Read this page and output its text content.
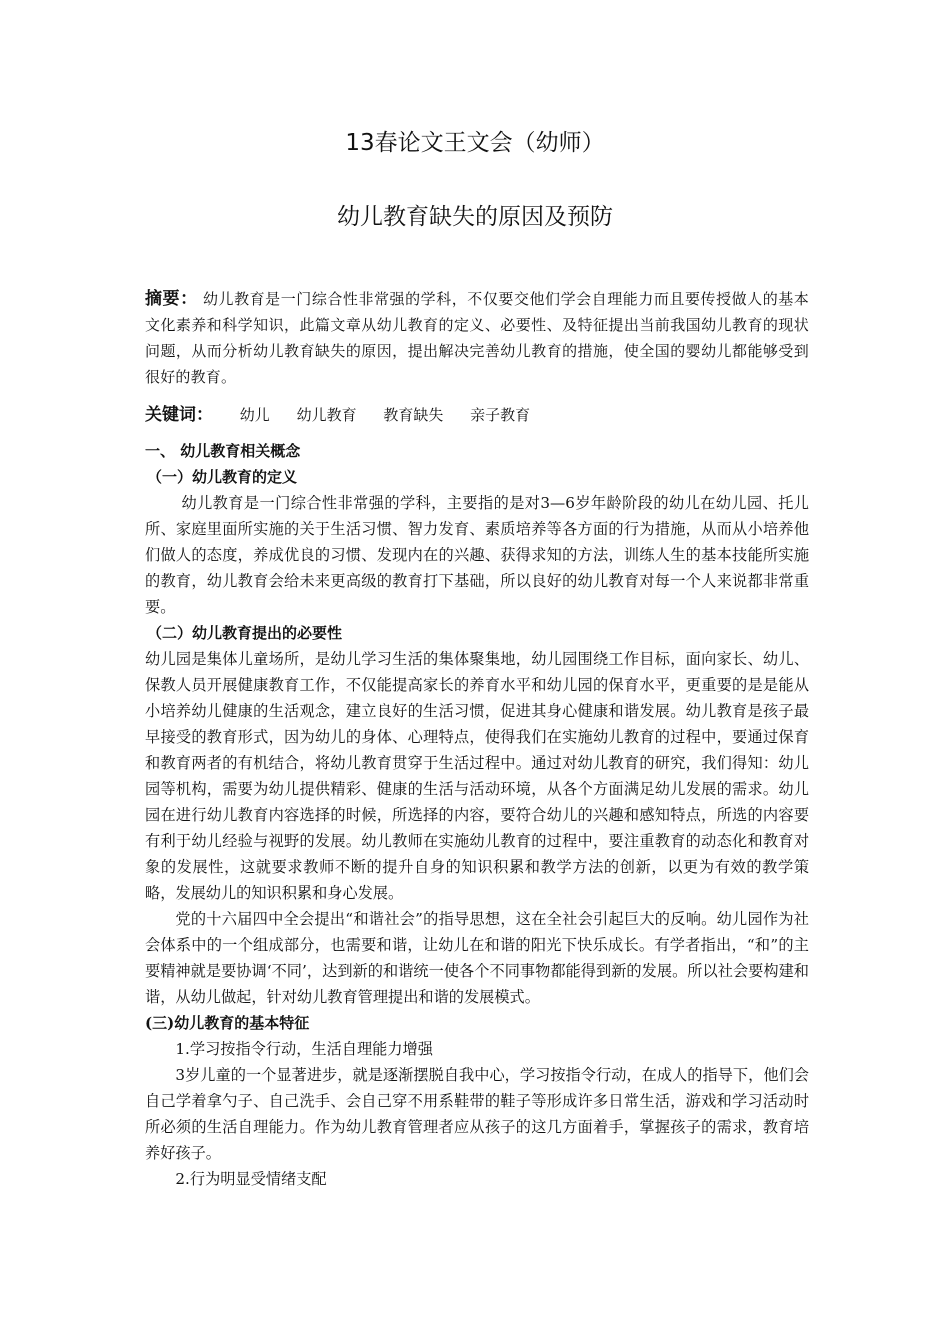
13春论文王文会（幼师）
幼儿教育缺失的原因及预防
摘要： 幼儿教育是一门综合性非常强的学科，不仅要交他们学会自理能力而且要传授做人的基本文化素养和科学知识，此篇文章从幼儿教育的定义、必要性、及特征提出当前我国幼儿教育的现状问题，从而分析幼儿教育缺失的原因，提出解决完善幼儿教育的措施，使全国的婴幼儿都能够受到很好的教育。
关键词： 幼儿 幼儿教育 教育缺失 亲子教育

一、 幼儿教育相关概念

（一）幼儿教育的定义

幼儿教育是一门综合性非常强的学科，主要指的是对3—6岁年龄阶段的幼儿在幼儿园、托儿所、家庭里面所实施的关于生活习惯、智力发育、素质培养等各方面的行为措施，从而从小培养他们做人的态度，养成优良的习惯、发现内在的兴趣、获得求知的方法，训练人生的基本技能所实施的教育，幼儿教育会给未来更高级的教育打下基础，所以良好的幼儿教育对每一个人来说都非常重要。

（二）幼儿教育提出的必要性

幼儿园是集体儿童场所，是幼儿学习生活的集体聚集地，幼儿园围绕工作目标，面向家长、幼儿、保教人员开展健康教育工作，不仅能提高家长的养育水平和幼儿园的保育水平，更重要的是是能从小培养幼儿健康的生活观念，建立良好的生活习惯，促进其身心健康和谐发展。幼儿教育是孩子最早接受的教育形式，因为幼儿的身体、心理特点，使得我们在实施幼儿教育的过程中，要通过保育和教育两者的有机结合，将幼儿教育贯穿于生活过程中。通过对幼儿教育的研究，我们得知：幼儿园等机构，需要为幼儿提供精彩、健康的生活与活动环境，从各个方面满足幼儿发展的需求。幼儿园在进行幼儿教育内容选择的时候，所选择的内容，要符合幼儿的兴趣和感知特点，所选的内容要有利于幼儿经验与视野的发展。幼儿教师在实施幼儿教育的过程中，要注重教育的动态化和教育对象的发展性，这就要求教师不断的提升自身的知识积累和教学方法的创新，以更为有效的教学策略，发展幼儿的知识积累和身心发展。

党的十六届四中全会提出“和谐社会”的指导思想，这在全社会引起巨大的反响。幼儿园作为社会体系中的一个组成部分，也需要和谐，让幼儿在和谐的阳光下快乐成长。有学者指出，“和”的主要精神就是要协调‘不同’，达到新的和谐统一使各个不同事物都能得到新的发展。所以社会要构建和谐，从幼儿做起，针对幼儿教育管理提出和谐的发展模式。

(三)幼儿教育的基本特征

1.学习按指令行动，生活自理能力增强

3岁儿童的一个显著进步，就是逐渐摆脱自我中心，学习按指令行动，在成人的指导下，他们会自己学着拿勺子、自己洗手、会自己穿不用系鞋带的鞋子等形成许多日常生活，游戏和学习活动时所必须的生活自理能力。作为幼儿教育管理者应从孩子的这几方面着手，掌握孩子的需求，教育培养好孩子。

2.行为明显受情绪支配
